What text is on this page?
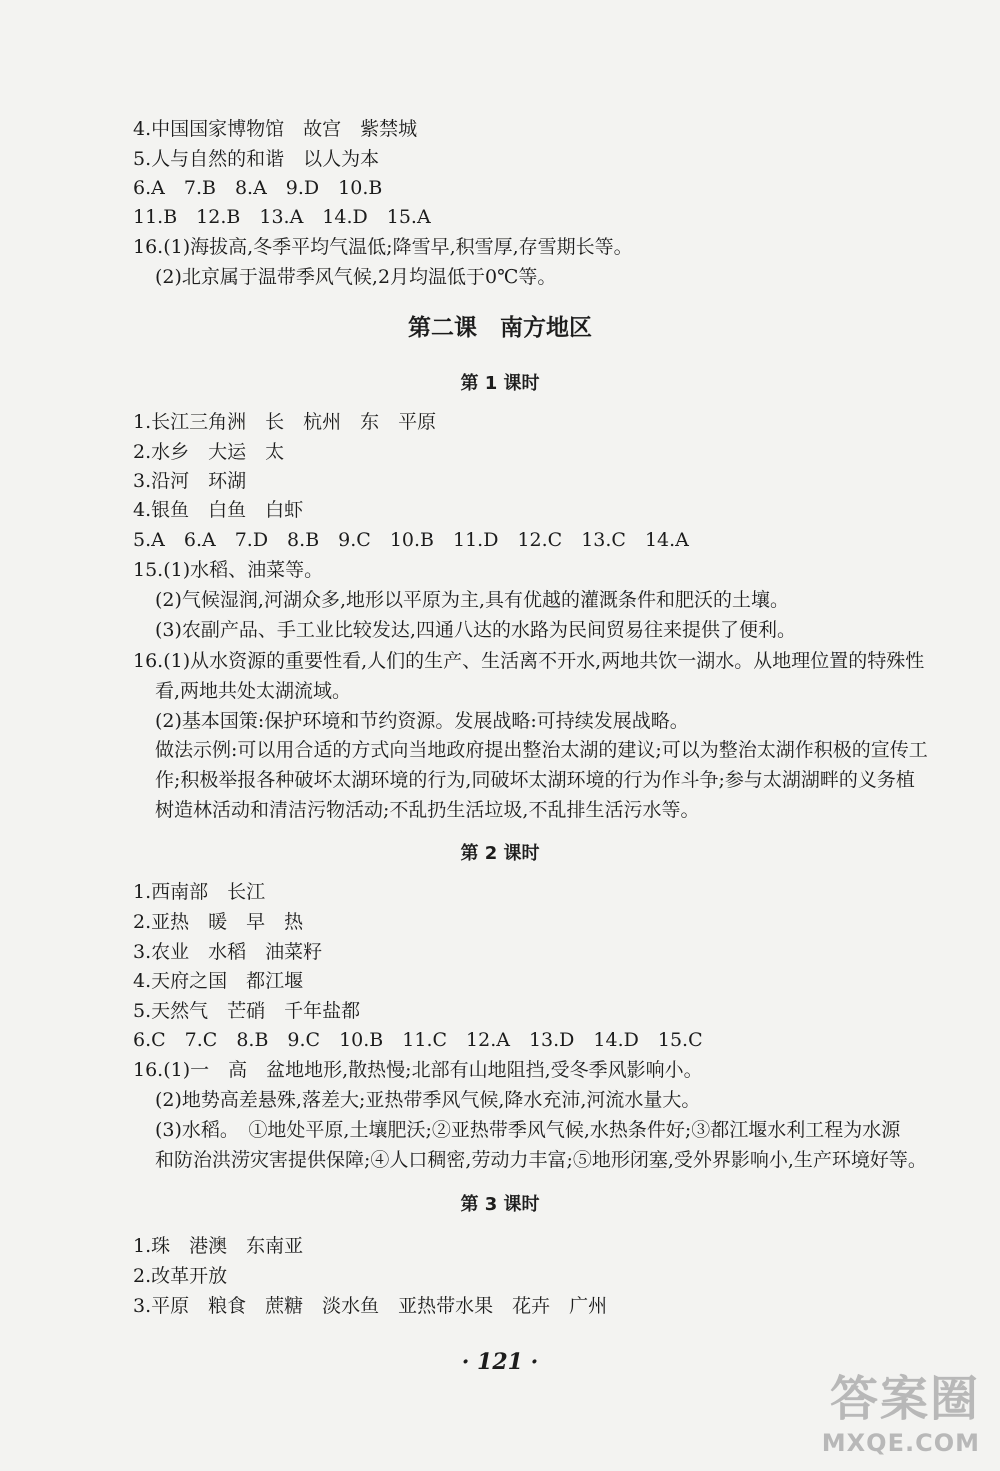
4.中国国家博物馆　故宫　紫禁城
5.人与自然的和谐　以人为本
6.A　7.B　8.A　9.D　10.B
11.B　12.B　13.A　14.D　15.A
16.(1)海拔高,冬季平均气温低;降雪早,积雪厚,存雪期长等。
(2)北京属于温带季风气候,2月均温低于0℃等。
第二课　南方地区
第 1 课时
1.长江三角洲　长　杭州　东　平原
2.水乡　大运　太
3.沿河　环湖
4.银鱼　白鱼　白虾
5.A　6.A　7.D　8.B　9.C　10.B　11.D　12.C　13.C　14.A
15.(1)水稻、油菜等。
(2)气候湿润,河湖众多,地形以平原为主,具有优越的灌溉条件和肥沃的土壤。
(3)农副产品、手工业比较发达,四通八达的水路为民间贸易往来提供了便利。
16.(1)从水资源的重要性看,人们的生产、生活离不开水,两地共饮一湖水。从地理位置的特殊性
看,两地共处太湖流域。
(2)基本国策:保护环境和节约资源。发展战略:可持续发展战略。
做法示例:可以用合适的方式向当地政府提出整治太湖的建议;可以为整治太湖作积极的宣传工
作;积极举报各种破坏太湖环境的行为,同破坏太湖环境的行为作斗争;参与太湖湖畔的义务植
树造林活动和清洁污物活动;不乱扔生活垃圾,不乱排生活污水等。
第 2 课时
1.西南部　长江
2.亚热　暖　早　热
3.农业　水稻　油菜籽
4.天府之国　都江堰
5.天然气　芒硝　千年盐都
6.C　7.C　8.B　9.C　10.B　11.C　12.A　13.D　14.D　15.C
16.(1)一　高　盆地地形,散热慢;北部有山地阻挡,受冬季风影响小。
(2)地势高差悬殊,落差大;亚热带季风气候,降水充沛,河流水量大。
(3)水稻。　①地处平原,土壤肥沃;②亚热带季风气候,水热条件好;③都江堰水利工程为水源
和防治洪涝灾害提供保障;④人口稠密,劳动力丰富;⑤地形闭塞,受外界影响小,生产环境好等。
第 3 课时
1.珠　港澳　东南亚
2.改革开放
3.平原　粮食　蔗糖　淡水鱼　亚热带水果　花卉　广州
· 121 ·
答案圈
MXQE.COM
